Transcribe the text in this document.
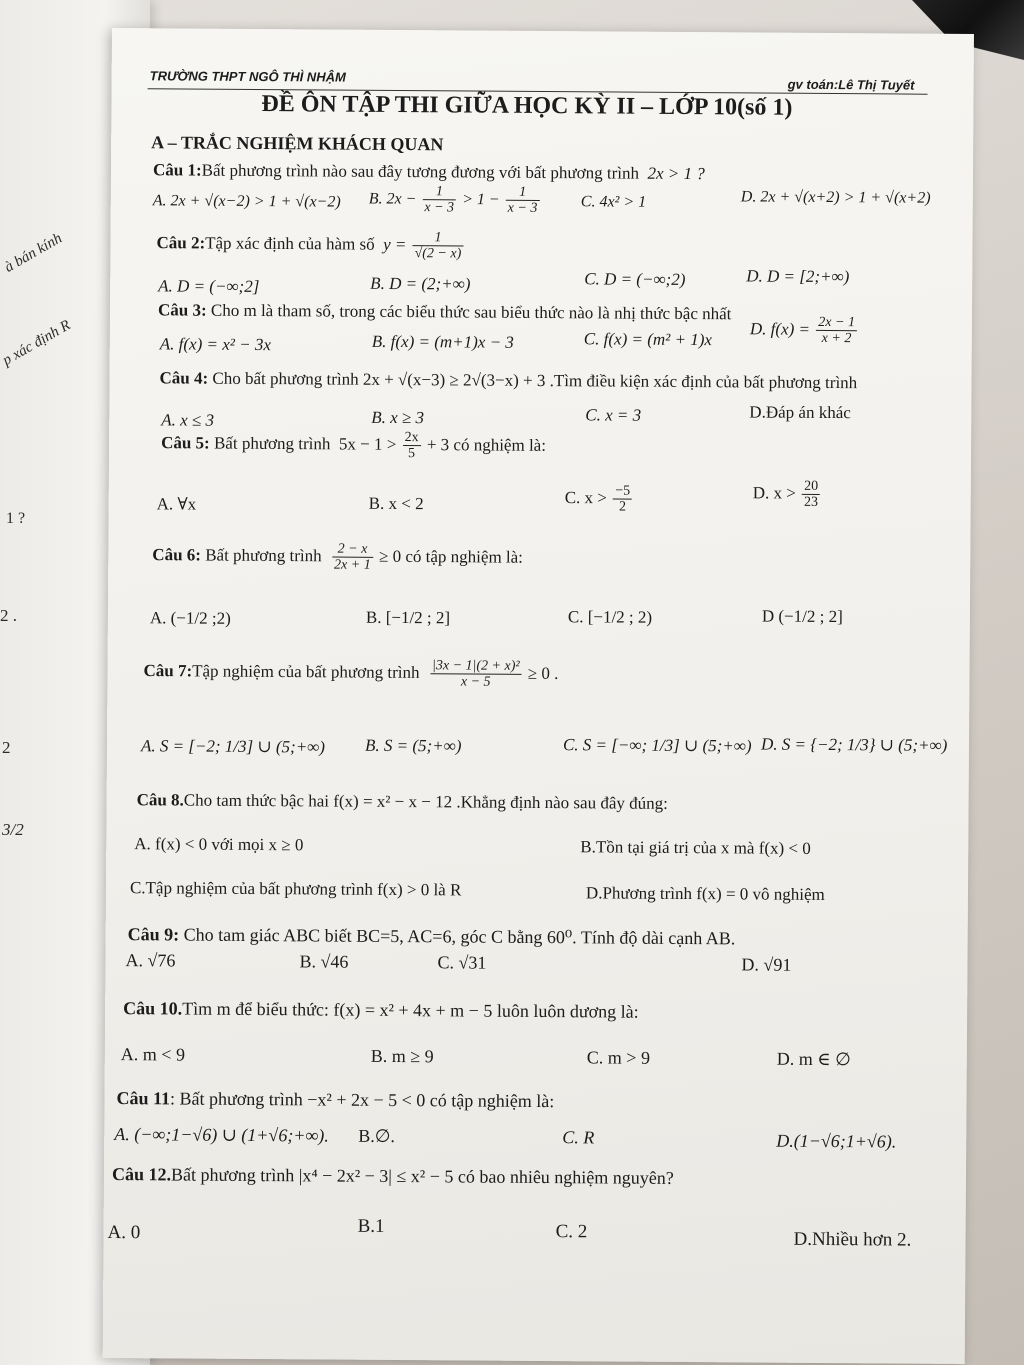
à bán kính
p xác định R
1 ?
2 .
2
3/2
TRƯỜNG THPT NGÔ THÌ NHẬM
gv toán:Lê Thị Tuyết
ĐỀ ÔN TẬP THI GIỮA HỌC KỲ II – LỚP 10(số 1)
A – TRẮC NGHIỆM KHÁCH QUAN
Câu 1:Bất phương trình nào sau đây tương đương với bất phương trình 2x > 1 ?
A. 2x + √(x−2) > 1 + √(x−2) B. $2x - \frac{1}{x - 3} > 1 - \frac{1}{x - 3}$	C. 4x² > 1	D. 2x + √(x+2) > 1 + √(x+2)
Câu 2:Tập xác định của hàm số $y = \frac{1}{√(2 - x)}$
A. D = (−∞;2]	B. D = (2;+∞)	C. D = (−∞;2)	D. D = [2;+∞)
Câu 3: Cho m là tham số, trong các biểu thức sau biểu thức nào là nhị thức bậc nhất
A. f(x) = x² − 3x	B. f(x) = (m+1)x − 3	C. f(x) = (m² + 1)x
D. $f(x) = \frac{2x - 1}{x + 2}$
Câu 4: Cho bất phương trình 2x + √(x−3) ≥ 2√(3−x) + 3 .Tìm điều kiện xác định của bất phương trình
A. x ≤ 3	B. x ≥ 3	C. x = 3	D.Đáp án khác
Câu 5: Bất phương trình $5x - 1 > \frac{2x}{5} + 3$ có nghiệm là:
A. ∀x	B. x < 2	C. $x > \frac{-5}{2}$	D. $x > \frac{20}{23}$
Câu 6: Bất phương trình $\frac{2 - x}{2x + 1} \ge 0$ có tập nghiệm là:
A. (−1/2 ;2)	B. [−1/2 ; 2]	C. [−1/2 ; 2)	D (−1/2 ; 2]
Câu 7:Tập nghiệm của bất phương trình $\frac{\text{|3x − 1|(2 + x)²}}{x - 5} \ge 0$ .
A. S = [−2; 1/3] ∪ (5;+∞) B. S = (5;+∞)	C. S = [−∞; 1/3] ∪ (5;+∞) D. S = {−2; 1/3} ∪ (5;+∞)
Câu 8.Cho tam thức bậc hai f(x) = x² − x − 12 .Khẳng định nào sau đây đúng:
A. f(x) < 0 với mọi x ≥ 0	B.Tồn tại giá trị của x mà f(x) < 0
C.Tập nghiệm của bất phương trình f(x) > 0 là R	D.Phương trình f(x) = 0 vô nghiệm
Câu 9: Cho tam giác ABC biết BC=5, AC=6, góc C bằng 60⁰. Tính độ dài cạnh AB.
A. √76	B. √46	C. √31	D. √91
Câu 10.Tìm m để biểu thức: f(x) = x² + 4x + m − 5 luôn luôn dương là:
A. m < 9	B. m ≥ 9	C. m > 9	D. m ∈ ∅
Câu 11: Bất phương trình −x² + 2x − 5 < 0 có tập nghiệm là:
A. (−∞;1−√6) ∪ (1+√6;+∞). B.∅.	C. R	D.(1−√6;1+√6).
Câu 12.Bất phương trình |x⁴ − 2x² − 3| ≤ x² − 5 có bao nhiêu nghiệm nguyên?
A. 0	B.1	C. 2	D.Nhiều hơn 2.
